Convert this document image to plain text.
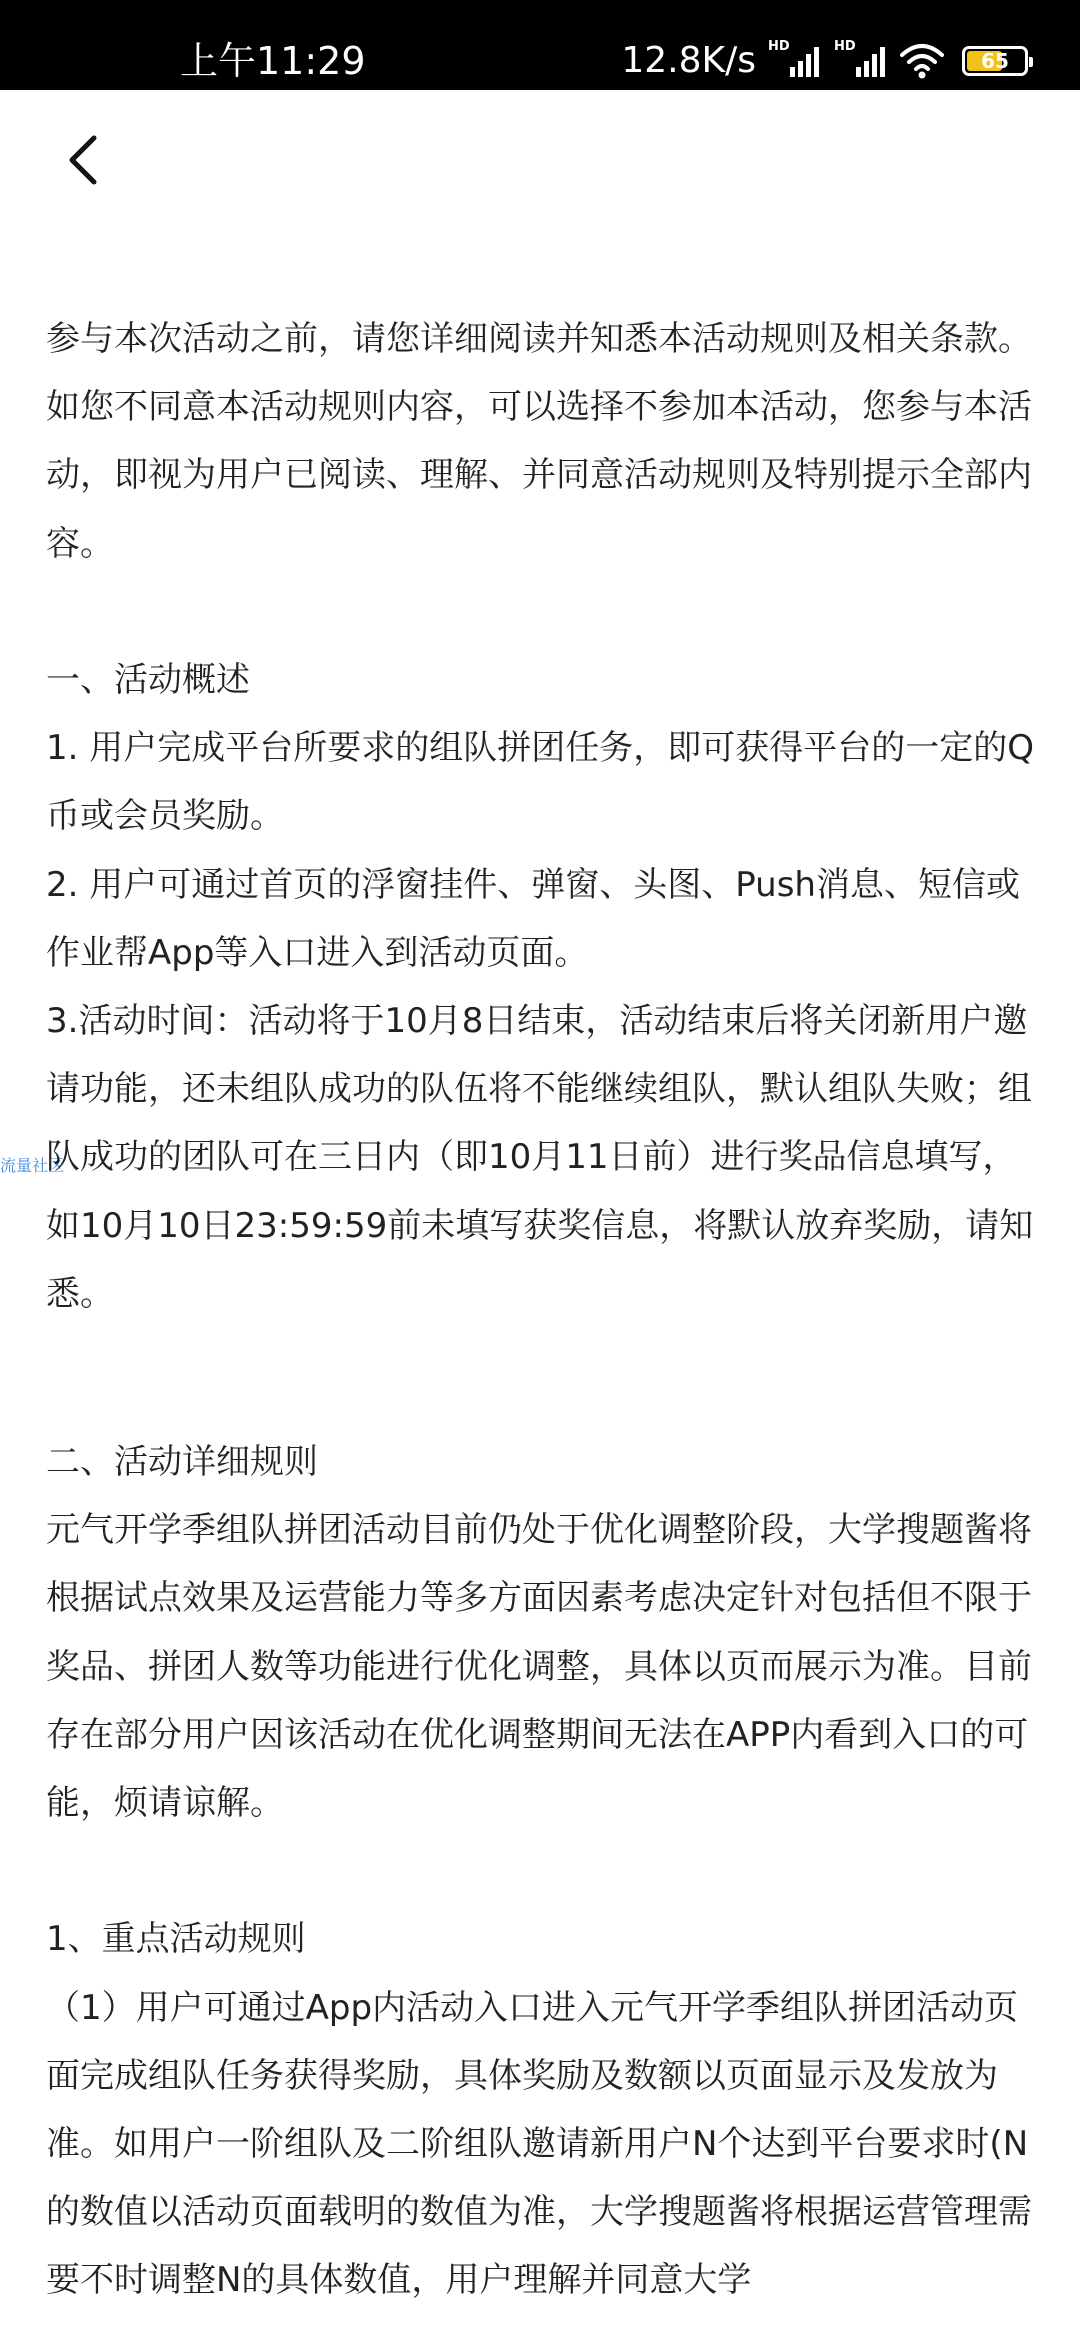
上午11:29	12.8K/s HD	HD
65
流量社区

参与本次活动之前，请您详细阅读并知悉本活动规则及相关条款。如您不同意本活动规则内容，可以选择不参加本活动，您参与本活动，即视为用户已阅读、理解、并同意活动规则及特别提示全部内容。

一、活动概述

1. 用户完成平台所要求的组队拼团任务，即可获得平台的一定的Q币或会员奖励。

2. 用户可通过首页的浮窗挂件、弹窗、头图、Push消息、短信或作业帮App等入口进入到活动页面。

3.活动时间：活动将于10月8日结束，活动结束后将关闭新用户邀请功能，还未组队成功的队伍将不能继续组队，默认组队失败；组队成功的团队可在三日内（即10月11日前）进行奖品信息填写，如10月10日23:59:59前未填写获奖信息，将默认放弃奖励，请知悉。

二、活动详细规则

元气开学季组队拼团活动目前仍处于优化调整阶段，大学搜题酱将根据试点效果及运营能力等多方面因素考虑决定针对包括但不限于奖品、拼团人数等功能进行优化调整，具体以页而展示为准。目前存在部分用户因该活动在优化调整期间无法在APP内看到入口的可能，烦请谅解。

1、重点活动规则

（1）用户可通过App内活动入口进入元气开学季组队拼团活动页面完成组队任务获得奖励，具体奖励及数额以页面显示及发放为准。如用户一阶组队及二阶组队邀请新用户N个达到平台要求时(N的数值以活动页面载明的数值为准，大学搜题酱将根据运营管理需要不时调整N的具体数值，用户理解并同意大学
